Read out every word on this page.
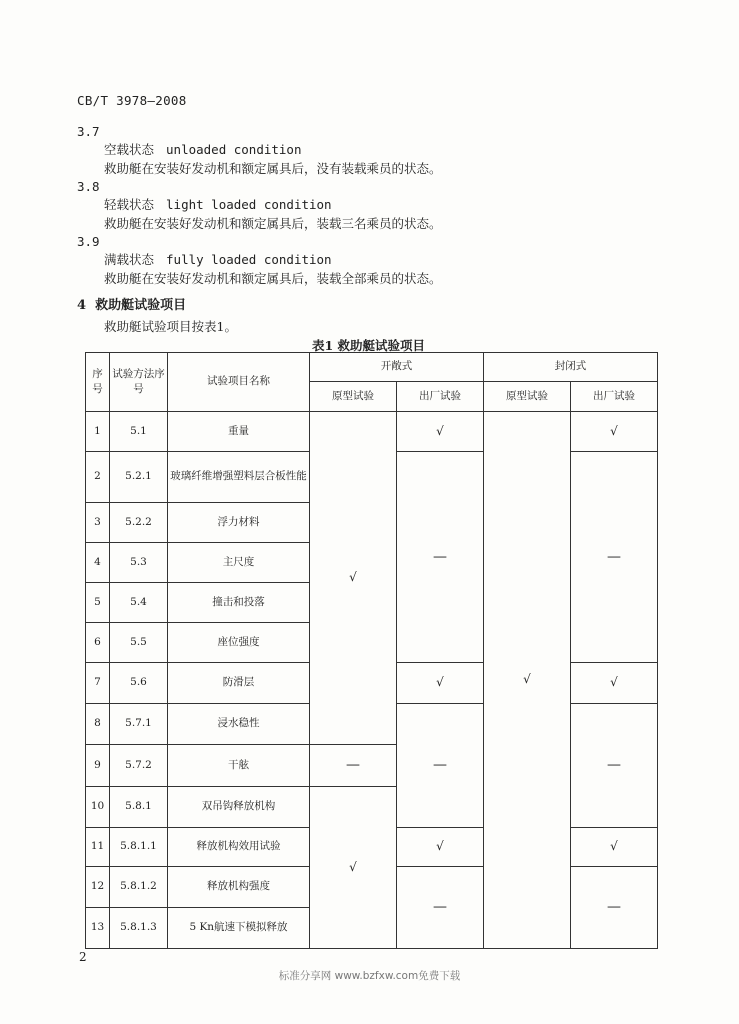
CB/T 3978—2008
3.7
空载状态 unloaded condition
救助艇在安装好发动机和额定属具后，没有装载乘员的状态。
3.8
轻载状态 light loaded condition
救助艇在安装好发动机和额定属具后，装载三名乘员的状态。
3.9
满载状态 fully loaded condition
救助艇在安装好发动机和额定属具后，装载全部乘员的状态。
4 救助艇试验项目
救助艇试验项目按表1。
表1 救助艇试验项目
序号	试验方法序号	试验项目名称	开敞式		封闭式	
			原型试验	出厂试验	原型试验	出厂试验
1	5.1	重量	√	√	√	√
2	5.2.1	玻璃纤维增强塑料层合板性能		—		—
3	5.2.2	浮力材料				
4	5.3	主尺度				
5	5.4	撞击和投落				
6	5.5	座位强度				
7	5.6	防滑层		√		√
8	5.7.1	浸水稳性		—		—
9	5.7.2	干舷	—			
10	5.8.1	双吊钩释放机构	√			
11	5.8.1.1	释放机构效用试验		√		√
12	5.8.1.2	释放机构强度		—		—
13	5.8.1.3	5 Kn航速下模拟释放				
2
标准分享网 www.bzfxw.com免费下载
